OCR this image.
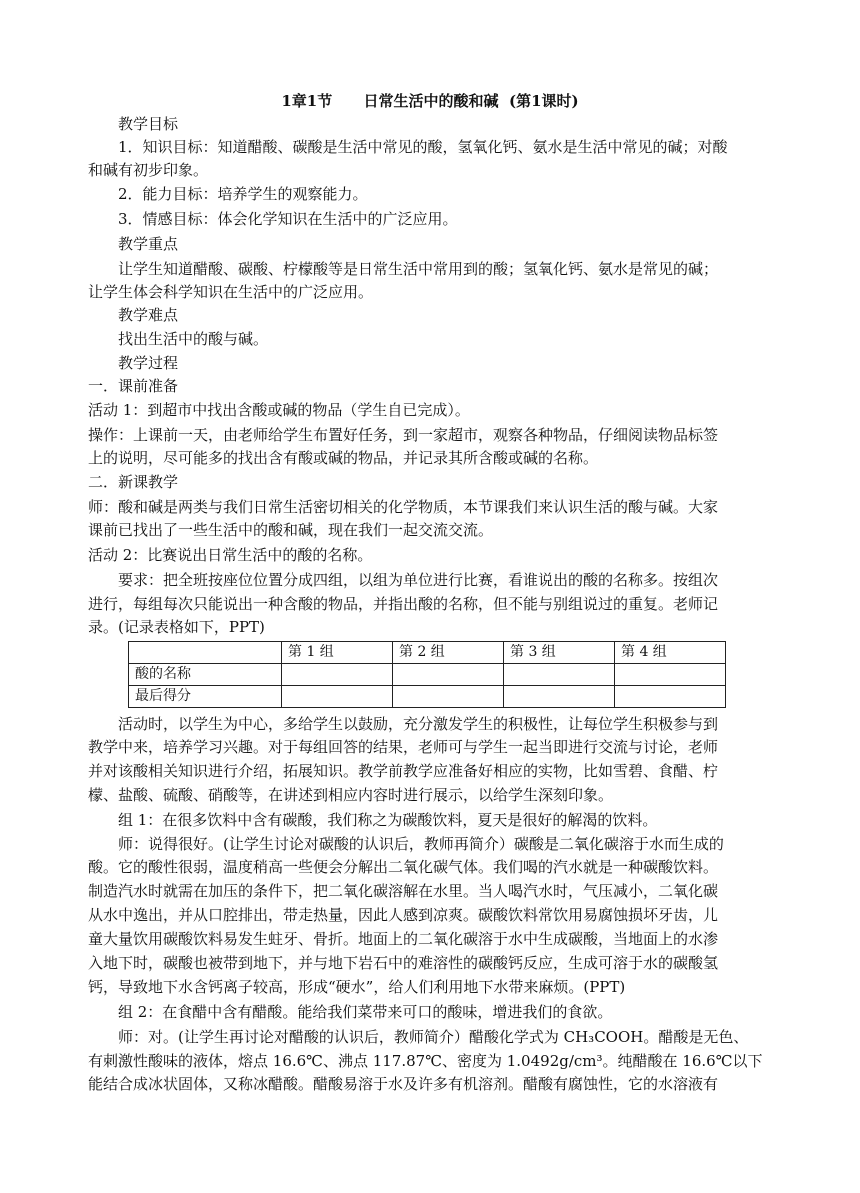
1章1节      日常生活中的酸和碱  (第1课时)
教学目标
1．知识目标：知道醋酸、碳酸是生活中常见的酸，氢氧化钙、氨水是生活中常见的碱；对酸
和碱有初步印象。
2．能力目标：培养学生的观察能力。
3．情感目标：体会化学知识在生活中的广泛应用。
教学重点
让学生知道醋酸、碳酸、柠檬酸等是日常生活中常用到的酸；氢氧化钙、氨水是常见的碱；
让学生体会科学知识在生活中的广泛应用。
教学难点
找出生活中的酸与碱。
教学过程
一．课前准备
活动 1：到超市中找出含酸或碱的物品（学生自已完成）。
操作：上课前一天，由老师给学生布置好任务，到一家超市，观察各种物品，仔细阅读物品标签
上的说明，尽可能多的找出含有酸或碱的物品，并记录其所含酸或碱的名称。
二．新课教学
师：酸和碱是两类与我们日常生活密切相关的化学物质，本节课我们来认识生活的酸与碱。大家
课前已找出了一些生活中的酸和碱，现在我们一起交流交流。
活动 2：比赛说出日常生活中的酸的名称。
要求：把全班按座位位置分成四组，以组为单位进行比赛，看谁说出的酸的名称多。按组次
进行，每组每次只能说出一种含酸的物品，并指出酸的名称，但不能与别组说过的重复。老师记
录。(记录表格如下，PPT)
	第 1 组	第 2 组	第 3 组	第 4 组
酸的名称				
最后得分				
活动时，以学生为中心，多给学生以鼓励，充分激发学生的积极性，让每位学生积极参与到
教学中来，培养学习兴趣。对于每组回答的结果，老师可与学生一起当即进行交流与讨论，老师
并对该酸相关知识进行介绍，拓展知识。教学前教学应准备好相应的实物，比如雪碧、食醋、柠
檬、盐酸、硫酸、硝酸等，在讲述到相应内容时进行展示，以给学生深刻印象。
组 1：在很多饮料中含有碳酸，我们称之为碳酸饮料，夏天是很好的解渴的饮料。
师：说得很好。(让学生讨论对碳酸的认识后，教师再简介）碳酸是二氧化碳溶于水而生成的
酸。它的酸性很弱，温度稍高一些便会分解出二氧化碳气体。我们喝的汽水就是一种碳酸饮料。
制造汽水时就需在加压的条件下，把二氧化碳溶解在水里。当人喝汽水时，气压减小，二氧化碳
从水中逸出，并从口腔排出，带走热量，因此人感到凉爽。碳酸饮料常饮用易腐蚀损坏牙齿，儿
童大量饮用碳酸饮料易发生蛀牙、骨折。地面上的二氧化碳溶于水中生成碳酸，当地面上的水渗
入地下时，碳酸也被带到地下，并与地下岩石中的难溶性的碳酸钙反应，生成可溶于水的碳酸氢
钙，导致地下水含钙离子较高，形成“硬水”，给人们利用地下水带来麻烦。(PPT)
组 2：在食醋中含有醋酸。能给我们菜带来可口的酸味，增进我们的食欲。
师：对。(让学生再讨论对醋酸的认识后，教师简介）醋酸化学式为 CH₃COOH。醋酸是无色、
有刺激性酸味的液体，熔点 16.6℃、沸点 117.87℃、密度为 1.0492g/cm³。纯醋酸在 16.6℃以下
能结合成冰状固体，又称冰醋酸。醋酸易溶于水及许多有机溶剂。醋酸有腐蚀性，它的水溶液有
